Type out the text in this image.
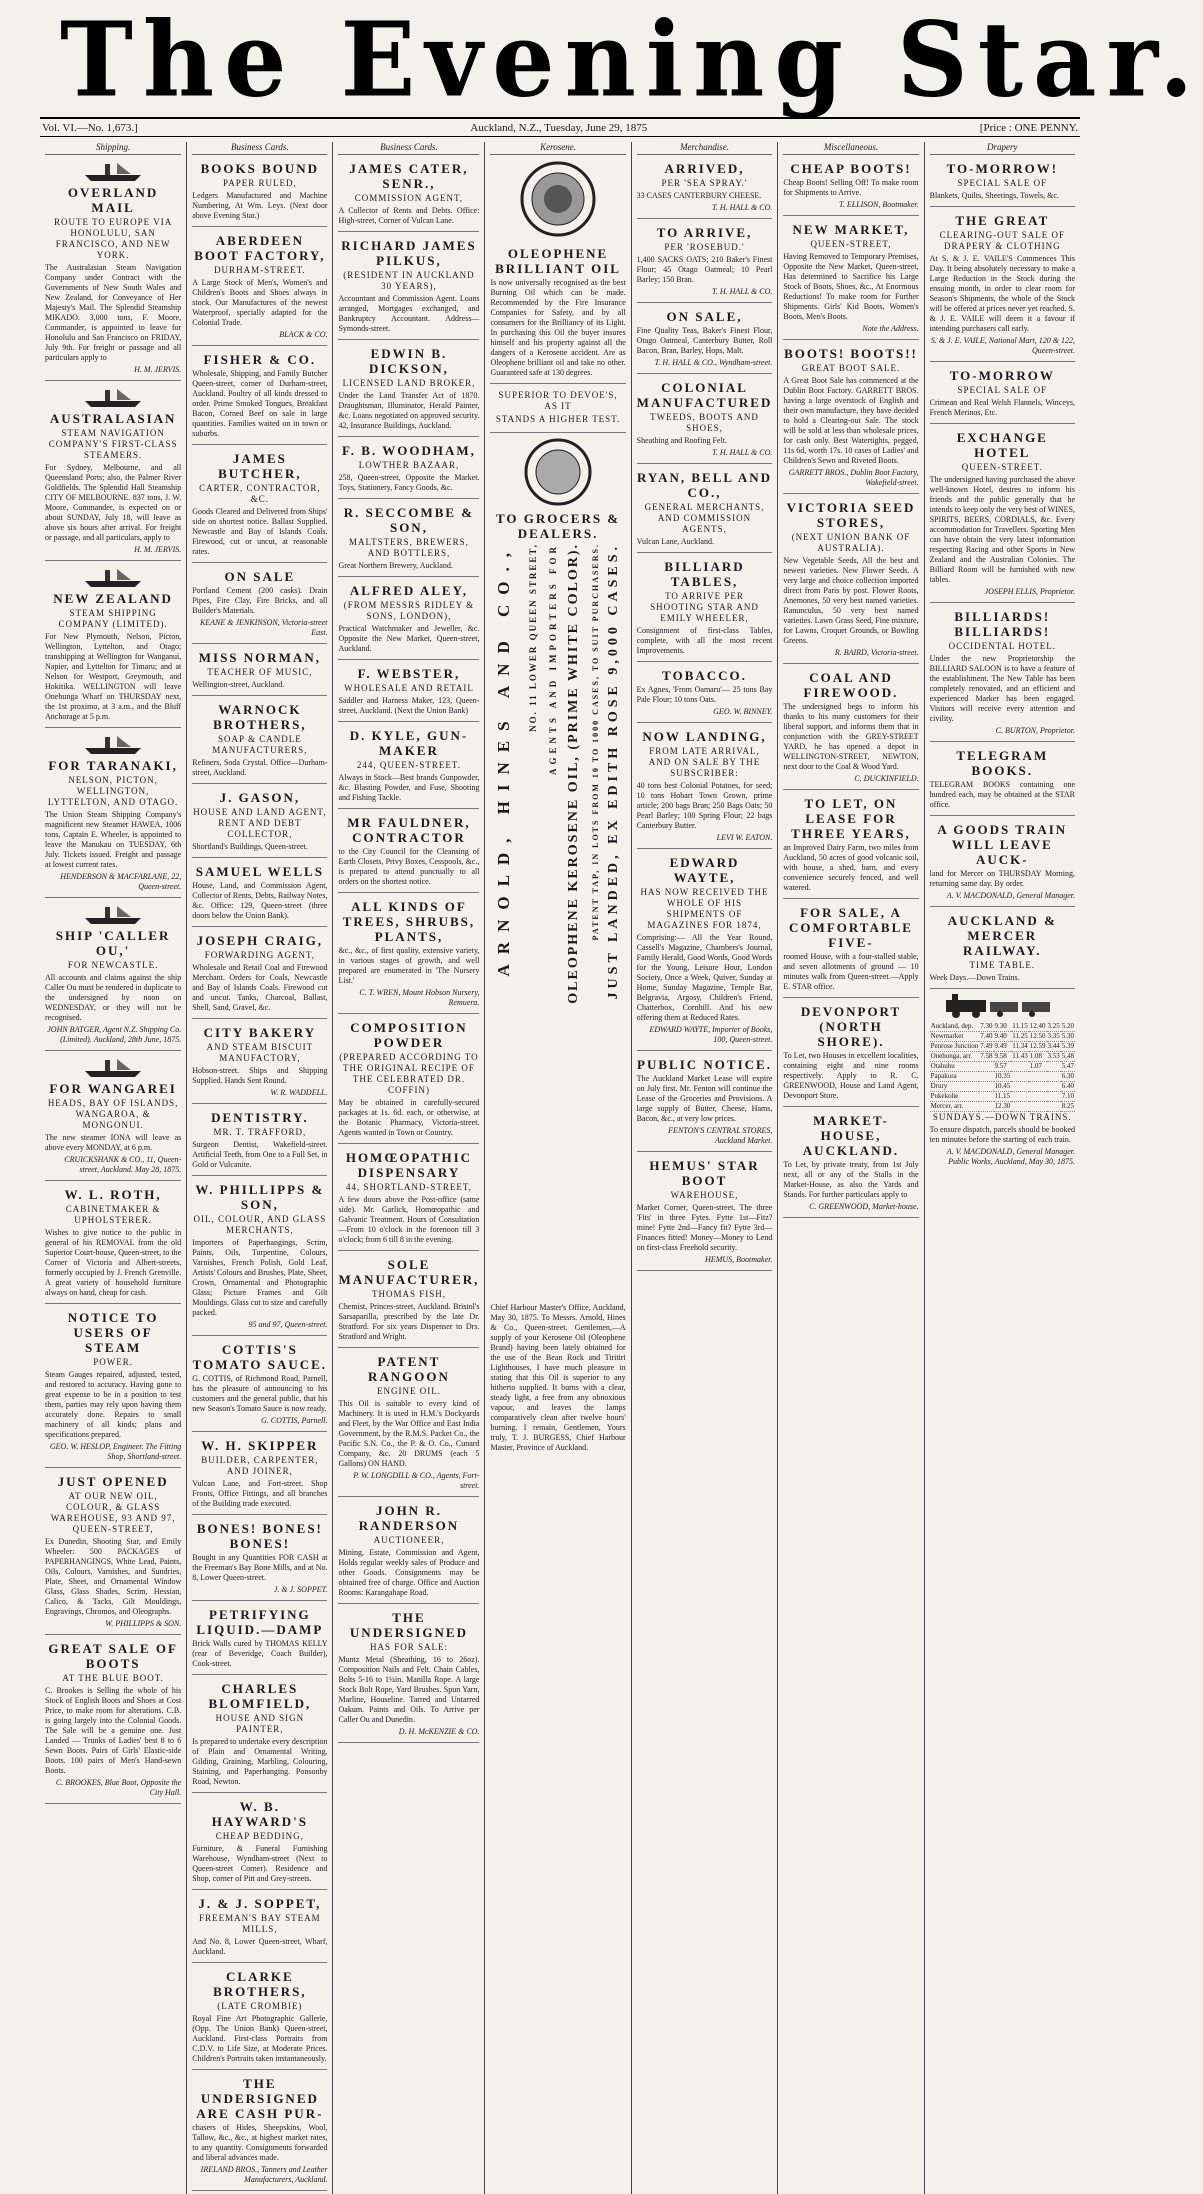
The Evening Star.
Vol. VI.—No. 1,673.]	Auckland, N.Z., Tuesday, June 29, 1875	[Price : ONE PENNY.
Shipping.
OVERLAND MAIL
ROUTE TO EUROPE VIA HONOLULU, SAN FRANCISCO, AND NEW YORK.
The Australasian Steam Navigation Company under Contract with the Governments of New South Wales and New Zealand, for Conveyance of Her Majesty's Mail. The Splendid Steamship MIKADO. 3,000 tons, F. Moore, Commander, is appointed to leave for Honolulu and San Francisco on FRIDAY, July 9th. For freight or passage and all particulars apply to
H. M. JERVIS.
AUSTRALASIAN
STEAM NAVIGATION COMPANY'S FIRST-CLASS STEAMERS.
For Sydney, Melbourne, and all Queensland Ports; also, the Palmer River Goldfields. The Splendid Hall Steamship CITY OF MELBOURNE. 837 tons, J. W. Moore, Commander, is expected on or about SUNDAY, July 18, will leave as above six hours after arrival. For freight or passage, and all particulars, apply to
H. M. JERVIS.
NEW ZEALAND
STEAM SHIPPING COMPANY (LIMITED).
For New Plymouth, Nelson, Picton, Wellington, Lyttelton, and Otago; transhipping at Wellington for Wanganui, Napier, and Lyttelton for Timaru; and at Nelson for Westport, Greymouth, and Hokitika. WELLINGTON will leave Onehunga Wharf on THURSDAY next, the 1st proximo, at 3 a.m., and the Bluff Anchorage at 5 p.m.
FOR TARANAKI,
NELSON, PICTON, WELLINGTON, LYTTELTON, AND OTAGO.
The Union Steam Shipping Company's magnificent new Steamer HAWEA, 1006 tons, Captain E. Wheeler, is appointed to leave the Manukau on TUESDAY, 6th July. Tickets issued. Freight and passage at lowest current rates.
HENDERSON & MACFARLANE, 22, Queen-street.
SHIP 'CALLER OU,'
FOR NEWCASTLE.
All accounts and claims against the ship Caller Ou must be rendered in duplicate to the undersigned by noon on WEDNESDAY, or they will not be recognised.
JOHN BATGER, Agent N.Z. Shipping Co. (Limited). Auckland, 28th June, 1875.
FOR WANGAREI
HEADS, BAY OF ISLANDS, WANGAROA, & MONGONUI.
The new steamer IONA will leave as above every MONDAY, at 6 p.m.
CRUICKSHANK & CO., 11, Queen-street, Auckland. May 28, 1875.
W. L. ROTH,
CABINETMAKER & UPHOLSTERER.
Wishes to give notice to the public in general of his REMOVAL from the old Superior Court-house, Queen-street, to the Corner of Victoria and Albert-streets, formerly occupied by J. French Grenville. A great variety of household furniture always on hand, cheap for cash.
NOTICE TO USERS OF STEAM
POWER.
Steam Gauges repaired, adjusted, tested, and restored to accuracy. Having gone to great expense to be in a position to test them, parties may rely upon having them accurately done. Repairs to small machinery of all kinds; plans and specifications prepared.
GEO. W. HESLOP, Engineer. The Fitting Shop, Shortland-street.
JUST OPENED
AT OUR NEW OIL, COLOUR, & GLASS WAREHOUSE, 93 AND 97, QUEEN-STREET,
Ex Dunedin, Shooting Star, and Emily Wheeler: 500 PACKAGES of PAPERHANGINGS, White Lead, Paints, Oils, Colours, Varnishes, and Sundries, Plate, Sheet, and Ornamental Window Glass, Glass Shades, Scrim, Hessian, Calico, & Tacks, Gilt Mouldings, Engravings, Chromos, and Oleographs.
W. PHILLIPPS & SON.
GREAT SALE OF BOOTS
AT THE BLUE BOOT.
C. Brookes is Selling the whole of his Stock of English Boots and Shoes at Cost Price, to make room for alterations. C.B. is going largely into the Colonial Goods. The Sale will be a genuine one. Just Landed — Trunks of Ladies' best 8 to 6 Sewn Boots. Pairs of Girls' Elastic-side Boots. 100 pairs of Men's Hand-sewn Boots.
C. BROOKES, Blue Boot, Opposite the City Hall.
Business Cards.
BOOKS BOUND
PAPER RULED,
Ledgers Manufactured and Machine Numbering, At Wm. Leys. (Next door above Evening Star.)
ABERDEEN BOOT FACTORY,
DURHAM-STREET.
A Large Stock of Men's, Women's and Children's Boots and Shoes always in stock. Our Manufactures of the newest Waterproof, specially adapted for the Colonial Trade.
BLACK & CO.
FISHER & CO.
Wholesale, Shipping, and Family Butcher Queen-street, corner of Durham-street, Auckland. Poultry of all kinds dressed to order. Prime Smoked Tongues, Breakfast Bacon, Corned Beef on sale in large quantities. Families waited on in town or suburbs.
JAMES BUTCHER,
CARTER, CONTRACTOR, &C.
Goods Cleared and Delivered from Ships' side on shortest notice. Ballast Supplied. Newcastle and Bay of Islands Coals. Firewood, cut or uncut, at reasonable rates.
ON SALE
Portland Cement (200 casks). Drain Pipes, Fire Clay, Fire Bricks, and all Builder's Materials.
KEANE & JENKINSON, Victoria-street East.
MISS NORMAN,
TEACHER OF MUSIC,
Wellington-street, Auckland.
WARNOCK BROTHERS,
SOAP & CANDLE MANUFACTURERS,
Refiners, Soda Crystal. Office—Durham-street, Auckland.
J. GASON,
HOUSE AND LAND AGENT, RENT AND DEBT COLLECTOR,
Shortland's Buildings, Queen-street.
SAMUEL WELLS
House, Land, and Commission Agent, Collector of Rents, Debts, Railway Notes, &c. Office: 129, Queen-street (three doors below the Union Bank).
JOSEPH CRAIG,
FORWARDING AGENT,
Wholesale and Retail Coal and Firewood Merchant. Orders for Coals, Newcastle and Bay of Islands Coals. Firewood cut and uncut. Tanks, Charcoal, Ballast, Shell, Sand, Gravel, &c.
CITY BAKERY
AND STEAM BISCUIT MANUFACTORY,
Hobson-street. Ships and Shipping Supplied. Hands Sent Round.
W. R. WADDELL.
DENTISTRY.
MR. T. TRAFFORD,
Surgeon Dentist, Wakefield-street. Artificial Teeth, from One to a Full Set, in Gold or Vulcanite.
W. PHILLIPPS & SON,
OIL, COLOUR, AND GLASS MERCHANTS,
Importers of Paperhangings, Scrim, Paints, Oils, Turpentine, Colours, Varnishes, French Polish, Gold Leaf, Artists' Colours and Brushes, Plate, Sheet, Crown, Ornamental and Photographic Glass; Picture Frames and Gilt Mouldings. Glass cut to size and carefully packed.
95 and 97, Queen-street.
COTTIS'S TOMATO SAUCE.
G. COTTIS, of Richmond Road, Parnell, has the pleasure of announcing to his customers and the general public, that his new Season's Tomato Sauce is now ready.
G. COTTIS, Parnell.
W. H. SKIPPER
BUILDER, CARPENTER, AND JOINER,
Vulcan Lane, and Fort-street. Shop Fronts, Office Fittings, and all branches of the Building trade executed.
BONES! BONES! BONES!
Bought in any Quantities FOR CASH at the Freeman's Bay Bone Mills, and at No. 8, Lower Queen-street.
J. & J. SOPPET.
PETRIFYING LIQUID.—DAMP
Brick Walls cured by THOMAS KELLY (rear of Beveridge, Coach Builder), Cook-street.
CHARLES BLOMFIELD,
HOUSE AND SIGN PAINTER,
Is prepared to undertake every description of Plain and Ornamental Writing, Gilding, Graining, Marbling, Colouring, Staining, and Paperhanging. Ponsonby Road, Newton.
W. B. HAYWARD'S
CHEAP BEDDING,
Furniture, & Funeral Furnishing Warehouse, Wyndham-street (Next to Queen-street Corner). Residence and Shop, corner of Pitt and Grey-streets.
J. & J. SOPPET,
FREEMAN'S BAY STEAM MILLS,
And No. 8, Lower Queen-street, Wharf, Auckland.
CLARKE BROTHERS,
(LATE CROMBIE)
Royal Fine Art Photographic Gallerie, (Opp. The Union Bank) Queen-street, Auckland. First-class Portraits from C.D.V. to Life Size, at Moderate Prices. Children's Portraits taken instantaneously.
THE UNDERSIGNED ARE CASH PUR-
chasers of Hides, Sheepskins, Wool, Tallow, &c., &c., at highest market rates, to any quantity. Consignments forwarded and liberal advances made.
IRELAND BROS., Tanners and Leather Manufacturers, Auckland.
Business Cards.
JAMES CATER, SENR.,
COMMISSION AGENT,
A Collector of Rents and Debts. Office: High-street, Corner of Vulcan Lane.
RICHARD JAMES PILKUS,
(RESIDENT IN AUCKLAND 30 YEARS),
Accountant and Commission Agent. Loans arranged, Mortgages exchanged, and Bankruptcy Accountant. Address—Symonds-street.
EDWIN B. DICKSON,
LICENSED LAND BROKER,
Under the Land Transfer Act of 1870. Draughtsman, Illuminator, Herald Painter, &c. Loans negotiated on approved security. 42, Insurance Buildings, Auckland.
F. B. WOODHAM,
LOWTHER BAZAAR,
258, Queen-street, Opposite the Market. Toys, Stationery, Fancy Goods, &c.
R. SECCOMBE & SON,
MALTSTERS, BREWERS, AND BOTTLERS,
Great Northern Brewery, Auckland.
ALFRED ALEY,
(FROM MESSRS RIDLEY & SONS, LONDON),
Practical Watchmaker and Jeweller, &c. Opposite the New Market, Queen-street, Auckland.
F. WEBSTER,
WHOLESALE AND RETAIL
Saddler and Harness Maker, 123, Queen-street, Auckland. (Next the Union Bank)
D. KYLE, GUN-MAKER
244, QUEEN-STREET.
Always in Stock—Best brands Gunpowder, &c. Blasting Powder, and Fuse, Shooting and Fishing Tackle.
MR FAULDNER, CONTRACTOR
to the City Council for the Cleansing of Earth Closets, Privy Boxes, Cesspools, &c., is prepared to attend punctually to all orders on the shortest notice.
ALL KINDS OF TREES, SHRUBS, PLANTS,
&c., &c., of first quality, extensive variety, in various stages of growth, and well prepared are enumerated in 'The Nursery List.'
C. T. WREN, Mount Hobson Nursery, Remuera.
COMPOSITION POWDER
(PREPARED ACCORDING TO THE ORIGINAL RECIPE OF THE CELEBRATED DR. COFFIN)
May be obtained in carefully-secured packages at 1s. 6d. each, or otherwise, at the Botanic Pharmacy, Victoria-street. Agents wanted in Town or Country.
HOMŒOPATHIC DISPENSARY
44, SHORTLAND-STREET,
A few doors above the Post-office (same side). Mr. Garlick, Homœopathic and Galvanic Treatment. Hours of Consultation—From 10 o'clock in the forenoon till 3 o'clock; from 6 till 8 in the evening.
SOLE MANUFACTURER,
THOMAS FISH,
Chemist, Princes-street, Auckland. Bristol's Sarsaparilla, prescribed by the late Dr. Stratford. For six years Dispenser to Drs. Stratford and Wright.
PATENT RANGOON
ENGINE OIL.
This Oil is suitable to every kind of Machinery. It is used in H.M.'s Dockyards and Fleet, by the War Office and East India Government, by the R.M.S. Packet Co., the Pacific S.N. Co., the P. & O. Co., Cunard Company, &c. 20 DRUMS (each 5 Gallons) ON HAND.
P. W. LONGDILL & CO., Agents, Fort-street.
JOHN R. RANDERSON
AUCTIONEER,
Mining, Estate, Commission and Agent, Holds regular weekly sales of Produce and other Goods. Consignments may be obtained free of charge. Office and Auction Rooms: Karangahape Road.
THE UNDERSIGNED
HAS FOR SALE:
Muntz Metal (Sheathing, 16 to 26oz). Composition Nails and Felt. Chain Cables, Bolts 5-16 to 1¼in. Manilla Rope. A large Stock Bolt Rope, Yard Brushes. Spun Yarn, Marline, Houseline. Tarred and Untarred Oakum. Paints and Oils. To Arrive per Caller Ou and Dunedin.
D. H. McKENZIE & CO.
Kerosene.
OLEOPHENE BRILLIANT OIL
Is now universally recognised as the best Burning Oil which can be made. Recommended by the Fire Insurance Companies for Safety, and by all consumers for the Brilliancy of its Light. In purchasing this Oil the buyer insures himself and his property against all the dangers of a Kerosene accident. Are as Oleophene brilliant oil and take no other. Guaranteed safe at 130 degrees.
SUPERIOR TO DEVOE'S, AS IT
STANDS A HIGHER TEST.
TO GROCERS & DEALERS.
ARNOLD, HINES AND CO., NO. 11 LOWER QUEEN STREET, AGENTS AND IMPORTERS FOR OLEOPHENE KEROSENE OIL, (PRIME WHITE COLOR). PATENT TAP, IN LOTS FROM 10 TO 1000 CASES, TO SUIT PURCHASERS. JUST LANDED, EX EDITH ROSE 9,000 CASES.
Chief Harbour Master's Office, Auckland, May 30, 1875. To Messrs. Arnold, Hines & Co., Queen-street. Gentlemen,—A supply of your Kerosene Oil (Oleophene Brand) having been lately obtained for the use of the Bean Rock and Tiritiri Lighthouses, I have much pleasure in stating that this Oil is superior to any hitherto supplied. It burns with a clear, steady light, a free from any obnoxious vapour, and leaves the lamps comparatively clean after twelve hours' burning. I remain, Gentlemen, Yours truly, T. J. BURGESS, Chief Harbour Master, Province of Auckland.
Merchandise.
ARRIVED,
PER 'SEA SPRAY.'
33 CASES CANTERBURY CHEESE.
T. H. HALL & CO.
TO ARRIVE,
PER 'ROSEBUD.'
1,400 SACKS OATS; 210 Baker's Finest Flour; 45 Otago Oatmeal; 10 Pearl Barley; 150 Bran.
T. H. HALL & CO.
ON SALE,
Fine Quality Teas, Baker's Finest Flour, Otago Oatmeal, Canterbury Butter, Roll Bacon, Bran, Barley, Hops, Malt.
T. H. HALL & CO., Wyndham-street.
COLONIAL MANUFACTURED
TWEEDS, BOOTS AND SHOES,
Sheathing and Roofing Felt.
T. H. HALL & CO.
RYAN, BELL AND CO.,
GENERAL MERCHANTS, AND COMMISSION AGENTS,
Vulcan Lane, Auckland.
BILLIARD TABLES,
TO ARRIVE PER SHOOTING STAR AND EMILY WHEELER,
Consignment of first-class Tables, complete, with all the most recent Improvements.
TOBACCO.
Ex Agnes, 'From Oamaru'— 25 tons Bay Pale Flour; 10 tons Oats.
GEO. W. BINNEY.
NOW LANDING,
FROM LATE ARRIVAL, AND ON SALE BY THE SUBSCRIBER:
40 tons best Colonial Potatoes, for seed; 10 tons Hobart Town Grown, prime article; 200 bags Bran; 250 Bags Oats; 50 Pearl Barley; 100 Spring Flour; 22 bags Canterbury Butter.
LEVI W. EATON.
EDWARD WAYTE,
HAS NOW RECEIVED THE WHOLE OF HIS SHIPMENTS OF MAGAZINES FOR 1874,
Comprising:— All the Year Round, Cassell's Magazine, Chambers's Journal, Family Herald, Good Words, Good Words for the Young, Leisure Hour, London Society, Once a Week, Quiver, Sunday at Home, Sunday Magazine, Temple Bar, Belgravia, Argosy, Children's Friend, Chatterbox, Cornhill. And his new offering them at Reduced Rates.
EDWARD WAYTE, Importer of Books, 100, Queen-street.
PUBLIC NOTICE.
The Auckland Market Lease will expire on July first. Mr. Fenton will continue the Lease of the Groceries and Provisions. A large supply of Butter, Cheese, Hams, Bacon, &c., at very low prices.
FENTON'S CENTRAL STORES, Auckland Market.
HEMUS' STAR BOOT
WAREHOUSE,
Market Corner, Queen-street. The three 'Fits' in three Fytes. Fytte 1st—Fitz? mine! Fytte 2nd—Fancy fit? Fytte 3rd—Finances fitted! Money—Money to Lend on first-class Freehold security.
HEMUS, Bootmaker.
Miscellaneous.
CHEAP BOOTS!
Cheap Boots! Selling Off! To make room for Shipments to Arrive.
T. ELLISON, Bootmaker.
NEW MARKET,
QUEEN-STREET,
Having Removed to Temporary Premises, Opposite the New Market, Queen-street, Has determined to Sacrifice his Large Stock of Boots, Shoes, &c., At Enormous Reductions! To make room for Further Shipments. Girls' Kid Boots, Women's Boots, Men's Boots.
Note the Address.
BOOTS! BOOTS!!
GREAT BOOT SALE.
A Great Boot Sale has commenced at the Dublin Boot Factory. GARRETT BROS. having a large overstock of English and their own manufacture, they have decided to hold a Clearing-out Sale. The stock will be sold at less than wholesale prices, for cash only. Best Watertights, pegged, 11s 6d, worth 17s. 10 cases of Ladies' and Children's Sewn and Riveted Boots.
GARRETT BROS., Dublin Boot Factory, Wakefield-street.
VICTORIA SEED STORES,
(NEXT UNION BANK OF AUSTRALIA).
New Vegetable Seeds, All the best and newest varieties. New Flower Seeds. A very large and choice collection imported direct from Paris by post. Flower Roots, Anemones, 50 very best named varieties. Ranunculus, 50 very best named varieties. Lawn Grass Seed, Fine mixture, for Lawns, Croquet Grounds, or Bowling Greens.
R. BAIRD, Victoria-street.
COAL AND FIREWOOD.
The undersigned begs to inform his thanks to his many customers for their liberal support, and informs them that in conjunction with the GREY-STREET YARD, he has opened a depot in WELLINGTON-STREET, NEWTON, next door to the Coal & Wood Yard.
C. DUCKINFIELD.
TO LET, ON LEASE FOR THREE YEARS,
an Improved Dairy Farm, two miles from Auckland, 50 acres of good volcanic soil, with house, a shed, barn, and every convenience securely fenced, and well watered.
FOR SALE, A COMFORTABLE FIVE-
roomed House, with a four-stalled stable, and seven allotments of ground — 10 minutes walk from Queen-street.—Apply E. STAR office.
DEVONPORT (NORTH SHORE).
To Let, two Houses in excellent localities, containing eight and nine rooms respectively. Apply to R. C. GREENWOOD, House and Land Agent, Devonport Store.
MARKET-HOUSE, AUCKLAND.
To Let, by private treaty, from 1st July next, all or any of the Stalls in the Market-House, as also the Yards and Stands. For further particulars apply to
C. GREENWOOD, Market-house.
Drapery
TO-MORROW!
SPECIAL SALE OF
Blankets, Quilts, Sheetings, Towels, &c.
THE GREAT
CLEARING-OUT SALE OF DRAPERY & CLOTHING
At S. & J. E. VAILE'S Commences This Day. It being absolutely necessary to make a Large Reduction in the Stock during the ensuing month, in order to clear room for Season's Shipments, the whole of the Stock will be offered at prices never yet reached. S. & J. E. VAILE will deem it a favour if intending purchasers call early.
S. & J. E. VAILE, National Mart, 120 & 122, Queen-street.
TO-MORROW
SPECIAL SALE OF
Crimean and Real Welsh Flannels, Winceys, French Merinos, Etc.
EXCHANGE HOTEL
QUEEN-STREET.
The undersigned having purchased the above well-known Hotel, desires to inform his friends and the public generally that he intends to keep only the very best of WINES, SPIRITS, BEERS, CORDIALS, &c. Every accommodation for Travellers. Sporting Men can have obtain the very latest information respecting Racing and other Sports in New Zealand and the Australian Colonies. The Billiard Room will be furnished with new tables.
JOSEPH ELLIS, Proprietor.
BILLIARDS! BILLIARDS!
OCCIDENTAL HOTEL.
Under the new Proprietorship the BILLIARD SALOON is to have a feature of the establishment. The New Table has been completely renovated, and an efficient and experienced Marker has been engaged. Visitors will receive every attention and civility.
C. BURTON, Proprietor.
TELEGRAM BOOKS.
TELEGRAM BOOKS containing one hundred each, may be obtained at the STAR office.
A GOODS TRAIN WILL LEAVE AUCK-
land for Mercer on THURSDAY Morning, returning same day. By order.
A. V. MACDONALD, General Manager.
AUCKLAND & MERCER RAILWAY.
TIME TABLE.
Week Days.—Down Trains.
Auckland, dep.	7.30	9.30	11.15	12.40	3.25	5.20
Newmarket	7.40	9.40	11.25	12.50	3.35	5.30
Penrose Junction	7.49	9.49	11.34	12.59	3.44	5.39
Onehunga, arr.	7.58	9.58	11.43	1.08	3.53	5.48
Otahuhu		9.57		1.07		5.47
Papakura		10.35				6.30
Drury		10.45				6.40
Pukekohe		11.15				7.10
Mercer, arr.		12.30				8.25
SUNDAYS.—DOWN TRAINS.
To ensure dispatch, parcels should be booked ten minutes before the starting of each train.
A. V. MACDONALD, General Manager. Public Works, Auckland, May 30, 1875.
